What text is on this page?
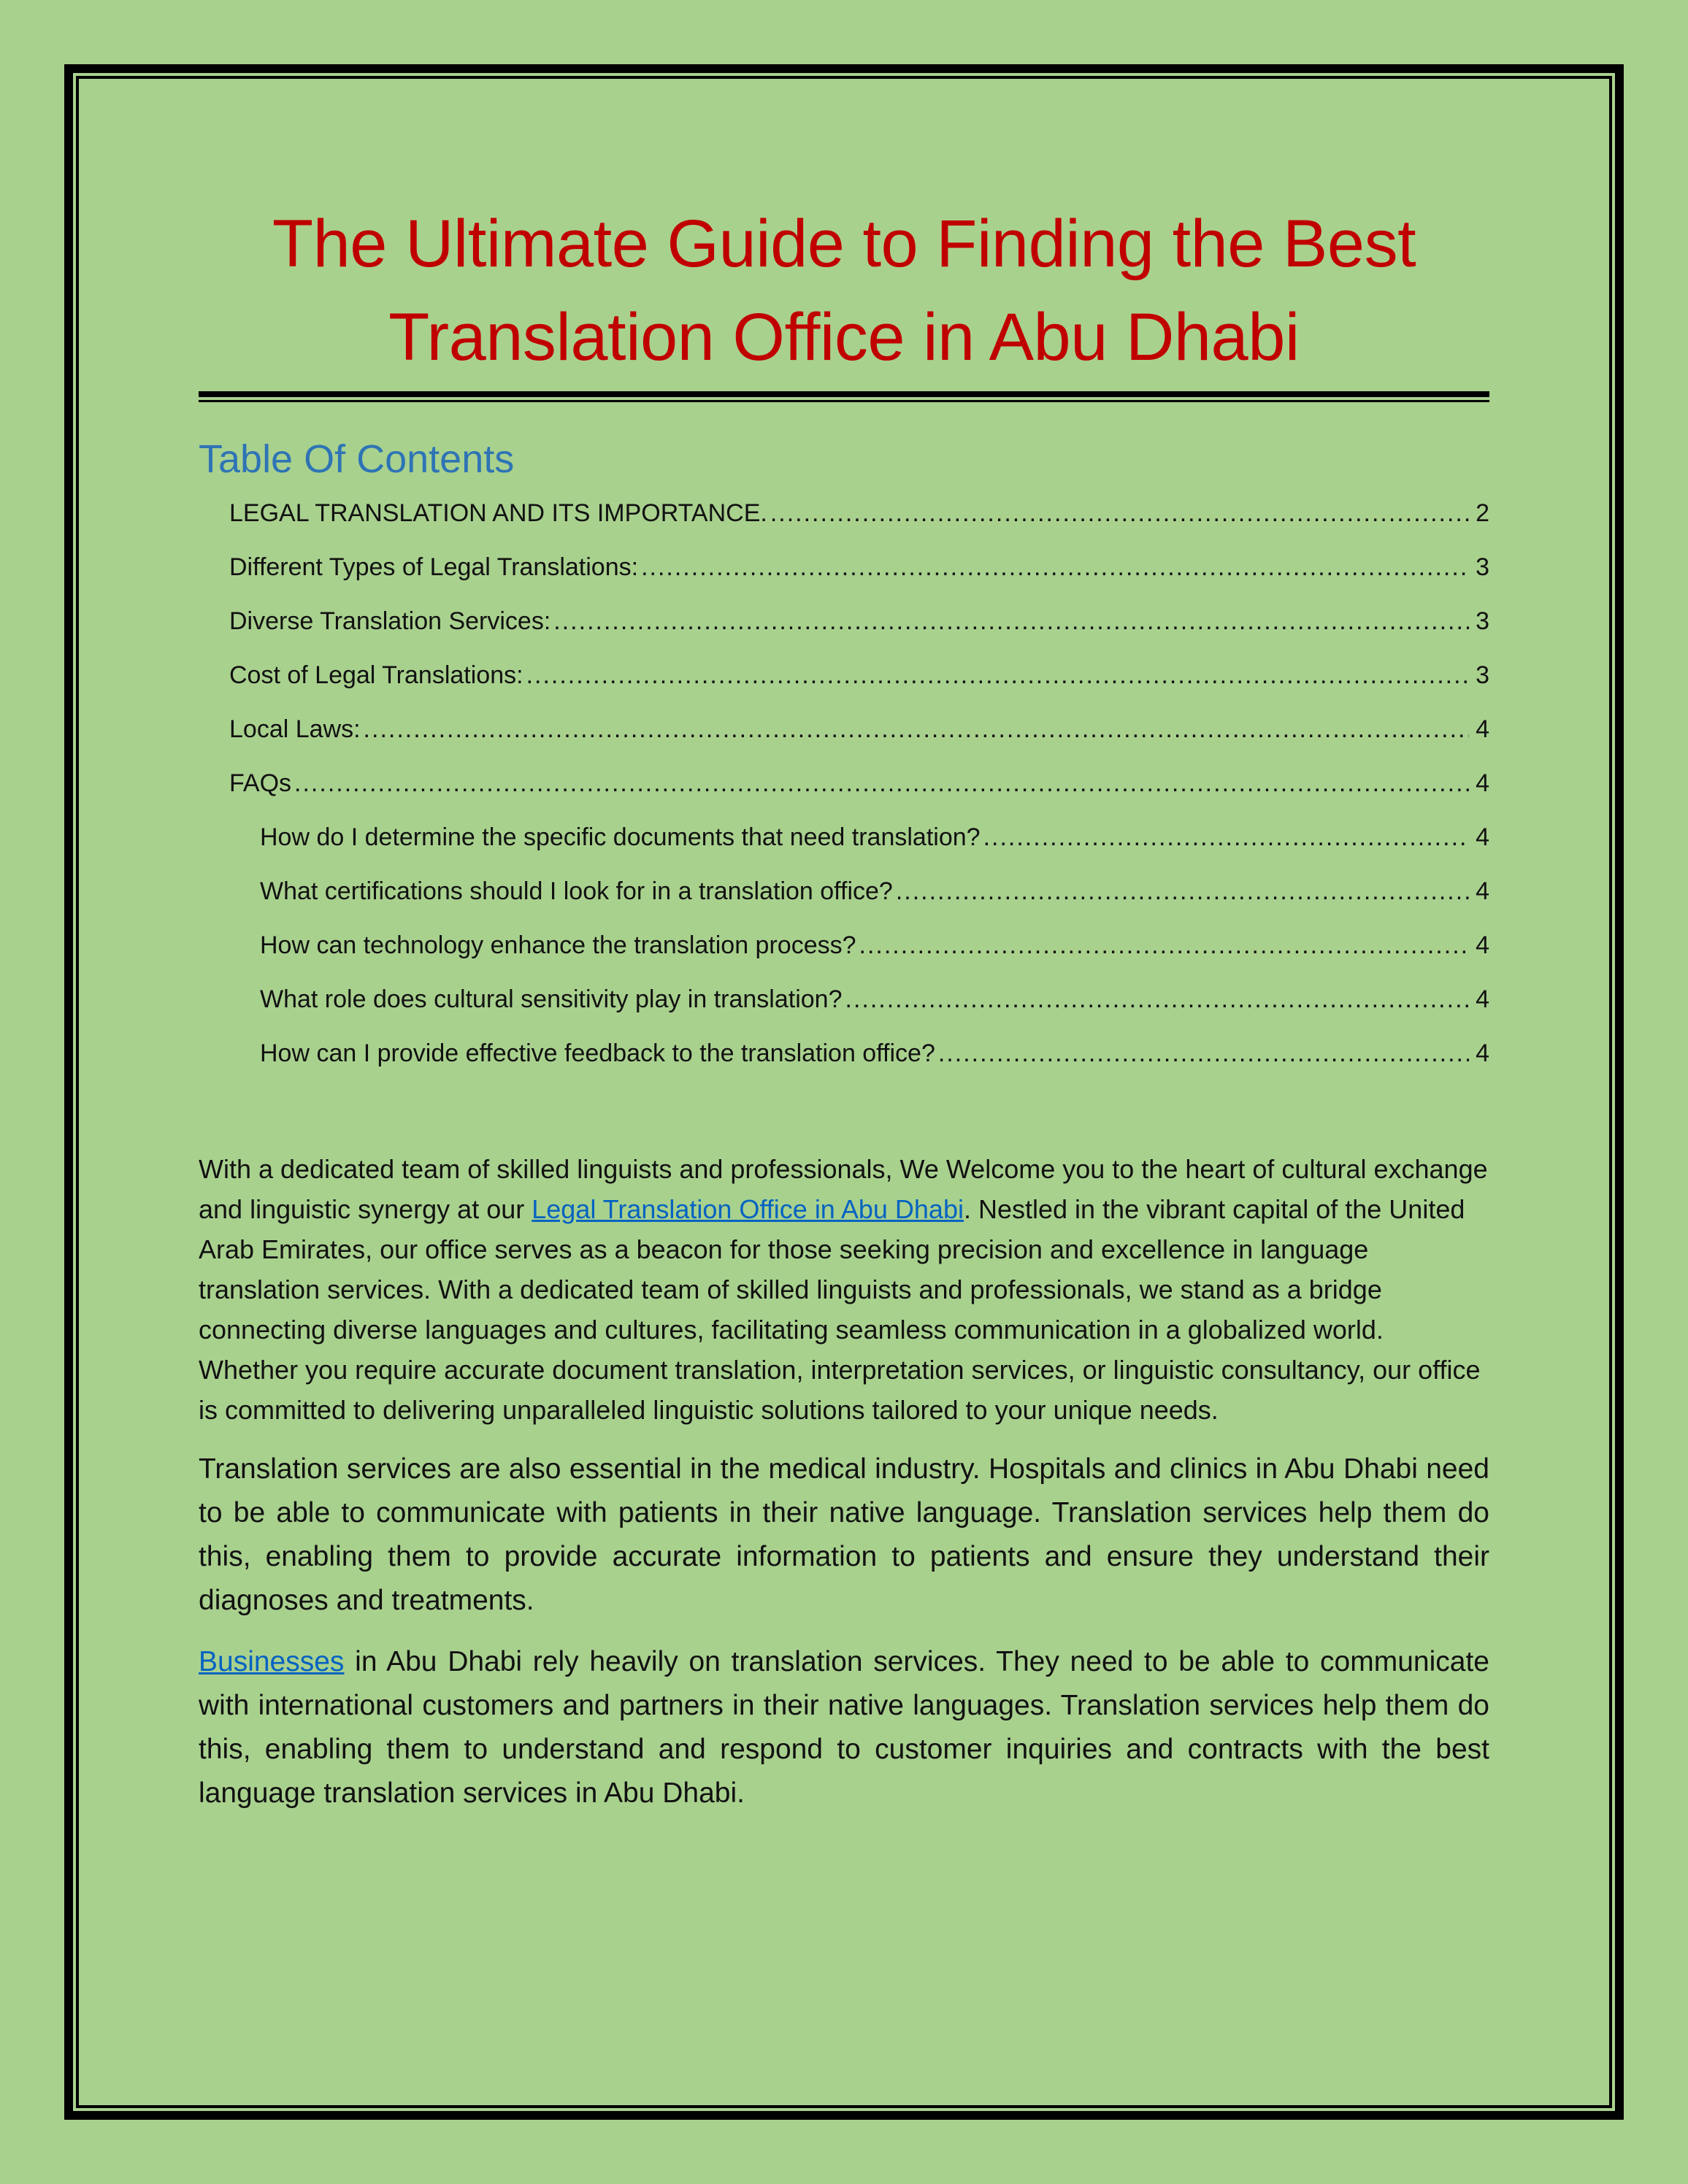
The Ultimate Guide to Finding the Best Translation Office in Abu Dhabi
Table Of Contents
LEGAL TRANSLATION AND ITS IMPORTANCE. .....	2
Different Types of Legal Translations: .....	3
Diverse Translation Services: .....	3
Cost of Legal Translations: .....	3
Local Laws: .....	4
FAQs .....	4
How do I determine the specific documents that need translation? .....	4
What certifications should I look for in a translation office? .....	4
How can technology enhance the translation process? .....	4
What role does cultural sensitivity play in translation? .....	4
How can I provide effective feedback to the translation office? .....	4

With a dedicated team of skilled linguists and professionals, We Welcome you to the heart of cultural exchange and linguistic synergy at our Legal Translation Office in Abu Dhabi. Nestled in the vibrant capital of the United Arab Emirates, our office serves as a beacon for those seeking precision and excellence in language translation services. With a dedicated team of skilled linguists and professionals, we stand as a bridge connecting diverse languages and cultures, facilitating seamless communication in a globalized world. Whether you require accurate document translation, interpretation services, or linguistic consultancy, our office is committed to delivering unparalleled linguistic solutions tailored to your unique needs.

Translation services are also essential in the medical industry. Hospitals and clinics in Abu Dhabi need to be able to communicate with patients in their native language. Translation services help them do this, enabling them to provide accurate information to patients and ensure they understand their diagnoses and treatments.

Businesses in Abu Dhabi rely heavily on translation services. They need to be able to communicate with international customers and partners in their native languages. Translation services help them do this, enabling them to understand and respond to customer inquiries and contracts with the best language translation services in Abu Dhabi.
